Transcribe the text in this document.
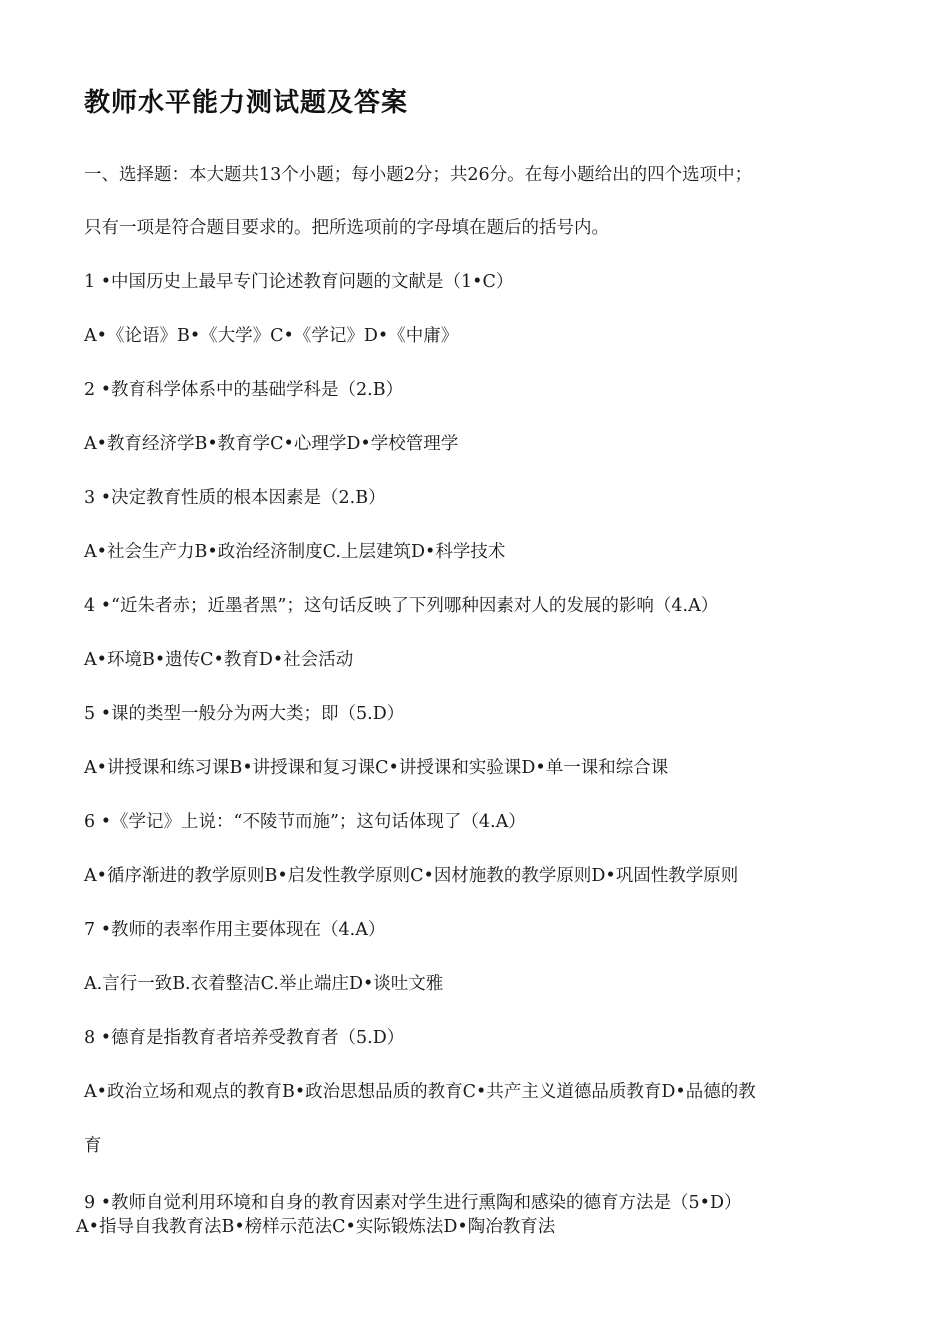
教师水平能力测试题及答案
一、选择题：本大题共13个小题；每小题2分；共26分。在每小题给出的四个选项中；
只有一项是符合题目要求的。把所选项前的字母填在题后的括号内。
1 •中国历史上最早专门论述教育问题的文献是（1•C）
A•《论语》B•《大学》C•《学记》D•《中庸》
2 •教育科学体系中的基础学科是（2.B）
A•教育经济学B•教育学C•心理学D•学校管理学
3 •决定教育性质的根本因素是（2.B）
A•社会生产力B•政治经济制度C.上层建筑D•科学技术
4 •“近朱者赤；近墨者黑”；这句话反映了下列哪种因素对人的发展的影响（4.A）
A•环境B•遗传C•教育D•社会活动
5 •课的类型一般分为两大类；即（5.D）
A•讲授课和练习课B•讲授课和复习课C•讲授课和实验课D•单一课和综合课
6 •《学记》上说：“不陵节而施”；这句话体现了（4.A）
A•循序渐进的教学原则B•启发性教学原则C•因材施教的教学原则D•巩固性教学原则
7 •教师的表率作用主要体现在（4.A）
A.言行一致B.衣着整洁C.举止端庄D•谈吐文雅
8 •德育是指教育者培养受教育者（5.D）
A•政治立场和观点的教育B•政治思想品质的教育C•共产主义道德品质教育D•品德的教
育
9 •教师自觉利用环境和自身的教育因素对学生进行熏陶和感染的德育方法是（5•D）
A•指导自我教育法B•榜样示范法C•实际锻炼法D•陶冶教育法
